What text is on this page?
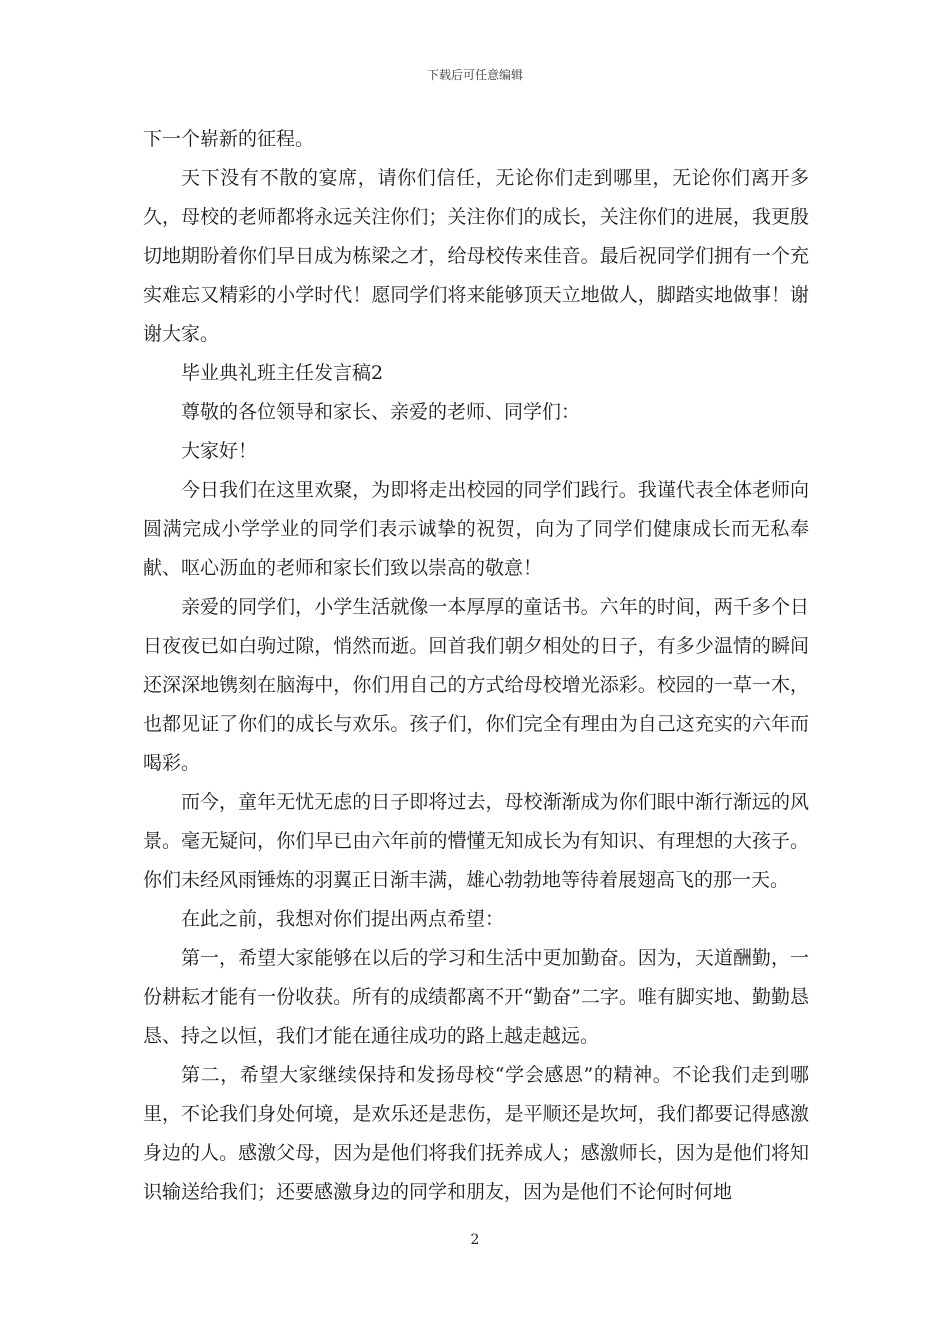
下载后可任意编辑

下一个崭新的征程。

天下没有不散的宴席，请你们信任，无论你们走到哪里，无论你们离开多久，母校的老师都将永远关注你们；关注你们的成长，关注你们的进展，我更殷切地期盼着你们早日成为栋梁之才，给母校传来佳音。最后祝同学们拥有一个充实难忘又精彩的小学时代！愿同学们将来能够顶天立地做人，脚踏实地做事！谢谢大家。

毕业典礼班主任发言稿2

尊敬的各位领导和家长、亲爱的老师、同学们：

大家好！

今日我们在这里欢聚，为即将走出校园的同学们践行。我谨代表全体老师向圆满完成小学学业的同学们表示诚挚的祝贺，向为了同学们健康成长而无私奉献、呕心沥血的老师和家长们致以崇高的敬意！

亲爱的同学们，小学生活就像一本厚厚的童话书。六年的时间，两千多个日日夜夜已如白驹过隙，悄然而逝。回首我们朝夕相处的日子，有多少温情的瞬间还深深地镌刻在脑海中，你们用自己的方式给母校增光添彩。校园的一草一木，也都见证了你们的成长与欢乐。孩子们，你们完全有理由为自己这充实的六年而喝彩。

而今，童年无忧无虑的日子即将过去，母校渐渐成为你们眼中渐行渐远的风景。毫无疑问，你们早已由六年前的懵懂无知成长为有知识、有理想的大孩子。你们未经风雨锤炼的羽翼正日渐丰满，雄心勃勃地等待着展翅高飞的那一天。

在此之前，我想对你们提出两点希望：

第一，希望大家能够在以后的学习和生活中更加勤奋。因为，天道酬勤，一份耕耘才能有一份收获。所有的成绩都离不开“勤奋”二字。唯有脚实地、勤勤恳恳、持之以恒，我们才能在通往成功的路上越走越远。

第二，希望大家继续保持和发扬母校“学会感恩”的精神。不论我们走到哪里，不论我们身处何境，是欢乐还是悲伤，是平顺还是坎坷，我们都要记得感激身边的人。感激父母，因为是他们将我们抚养成人；感激师长，因为是他们将知识输送给我们；还要感激身边的同学和朋友，因为是他们不论何时何地

2
